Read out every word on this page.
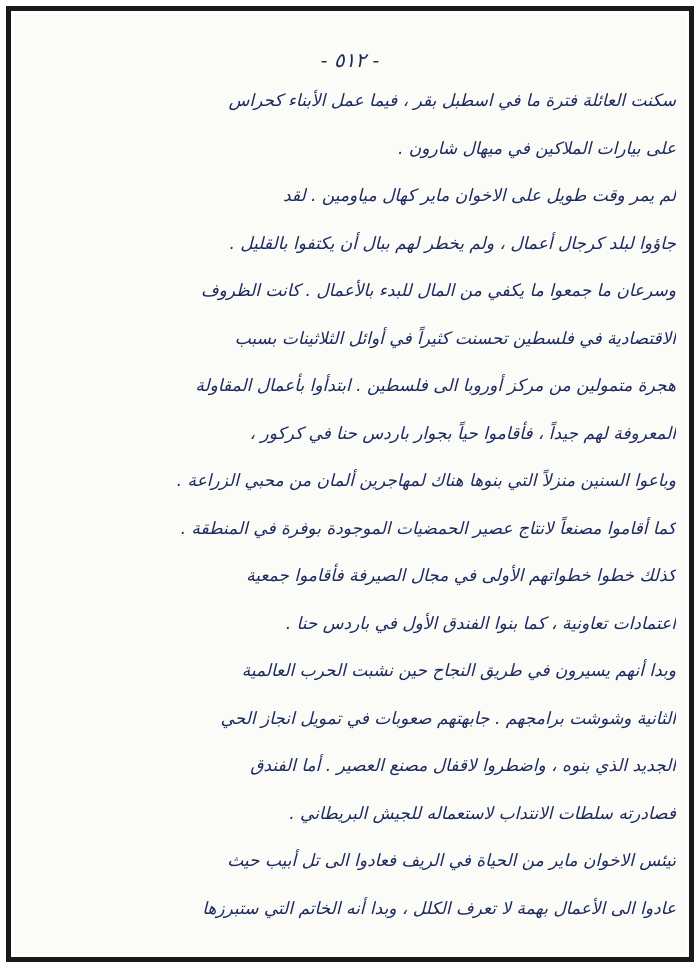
- ٥١٢ -
سكنت العائلة فترة ما في اسطبل بقر ، فيما عمل الأبناء كحراس
على بيارات الملاكين في ميهال شارون .
لم يمر وقت طويل على الاخوان ماير كهال مياومين . لقد
جاؤوا لبلد كرجال أعمال ، ولم يخطر لهم ببال أن يكتفوا بالقليل .
وسرعان ما جمعوا ما يكفي من المال للبدء بالأعمال . كانت الظروف
الاقتصادية في فلسطين تحسنت كثيراً في أوائل الثلاثينات بسبب
هجرة متمولين من مركز أوروبا الى فلسطين . ابتدأوا بأعمال المقاولة
المعروفة لهم جيداً ، فأقاموا حياً بجوار باردس حنا في كركور ،
وباعوا السنين منزلاً التي بنوها هناك لمهاجرين ألمان من محبي الزراعة .
كما أقاموا مصنعاً لانتاج عصير الحمضيات الموجودة بوفرة في المنطقة .
كذلك خطوا خطواتهم الأولى في مجال الصيرفة فأقاموا جمعية
اعتمادات تعاونية ، كما بنوا الفندق الأول في باردس حنا .
وبدا أنهم يسيرون في طريق النجاح حين نشبت الحرب العالمية
الثانية وشوشت برامجهم . جابهتهم صعوبات في تمويل انجاز الحي
الجديد الذي بنوه ، واضطروا لاقفال مصنع العصير . أما الفندق
فصادرته سلطات الانتداب لاستعماله للجيش البريطاني .
تيئس الاخوان ماير من الحياة في الريف فعادوا الى تل أبيب حيث
عادوا الى الأعمال بهمة لا تعرف الكلل ، وبدا أنه الخاتم التي ستبرزها
